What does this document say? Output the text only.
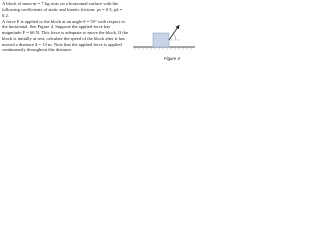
A block of mass m = 7 kg rests on a horizontal surface with the following coefficients of static and kinetic friction: μs = 0.5, μk = 0.2.

A force F is applied to the block at an angle θ = 55° with respect to the horizontal. See Figure 4. Suppose the applied force has magnitude F = 60 N. This force is adequate to move the block. If the block is initially at rest, calculate the speed of the block after it has moved a distance d = 13 m. Note that the applied force is applied continuously throughout this distance.

Figure 4
